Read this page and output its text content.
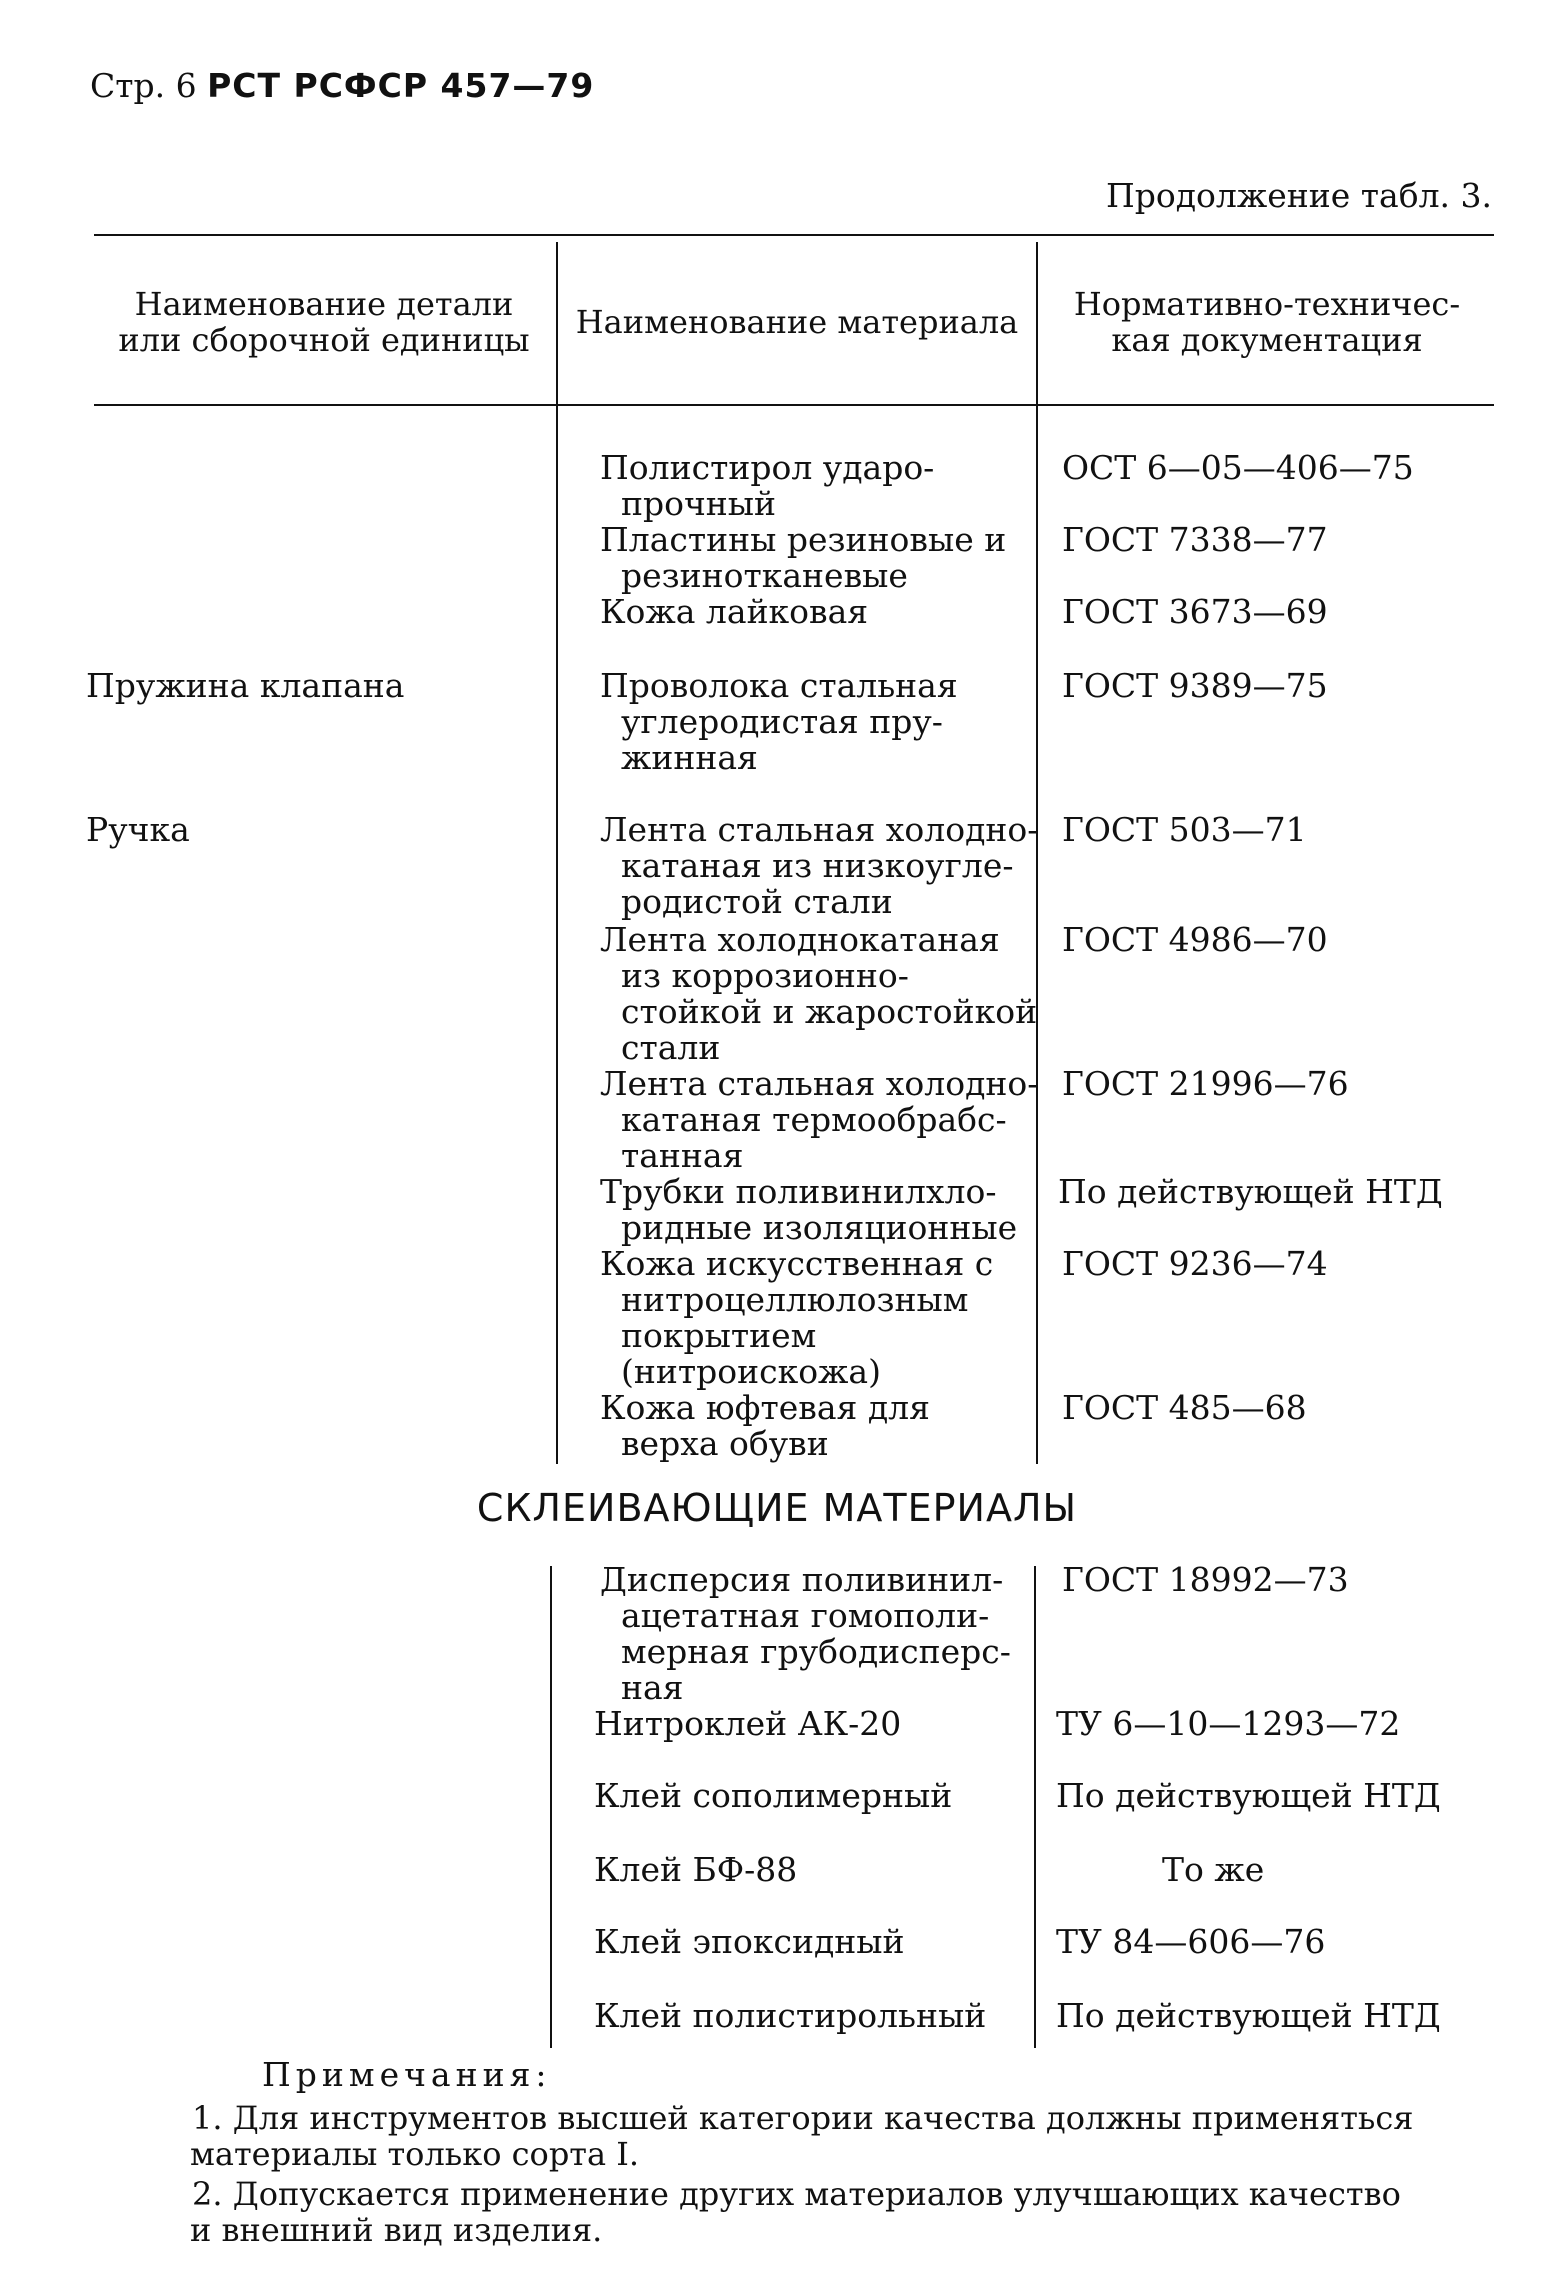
Стр. 6 РСТ РСФСР 457—79
Продолжение табл. 3.
Наименование детали
или сборочной единицы	Наименование материала	Нормативно-техничес-
кая документация
Полистирол ударо-
прочный
Пластины резиновые и
резинотканевые
Кожа лайковая
Проволока стальная
углеродистая пру-
жинная
Лента стальная холодно-
катаная из низкоугле-
родистой стали
Лента холоднокатаная
из коррозионно-
стойкой и жаростойкой
стали
Лента стальная холодно-
катаная термообрабс-
танная
Трубки поливинилхло-
ридные изоляционные
Кожа искусственная с
нитроцеллюлозным
покрытием
(нитроискожа)
Кожа юфтевая для
верха обуви
ОСТ 6—05—406—75
ГОСТ 7338—77
ГОСТ 3673—69
ГОСТ 9389—75
ГОСТ 503—71
ГОСТ 4986—70
ГОСТ 21996—76
По действующей НТД
ГОСТ 9236—74
ГОСТ 485—68
Пружина клапана
Ручка
СКЛЕИВАЮЩИЕ МАТЕРИАЛЫ
Дисперсия поливинил-
ацетатная гомополи-
мерная грубодисперс-
ная
Нитроклей АК-20
Клей сополимерный
Клей БФ-88
Клей эпоксидный
Клей полистирольный
ГОСТ 18992—73
ТУ 6—10—1293—72
По действующей НТД
То же
ТУ 84—606—76
По действующей НТД
Примечания:
1. Для инструментов высшей категории качества должны применяться
материалы только сорта I.
2. Допускается применение других материалов улучшающих качество
и внешний вид изделия.
